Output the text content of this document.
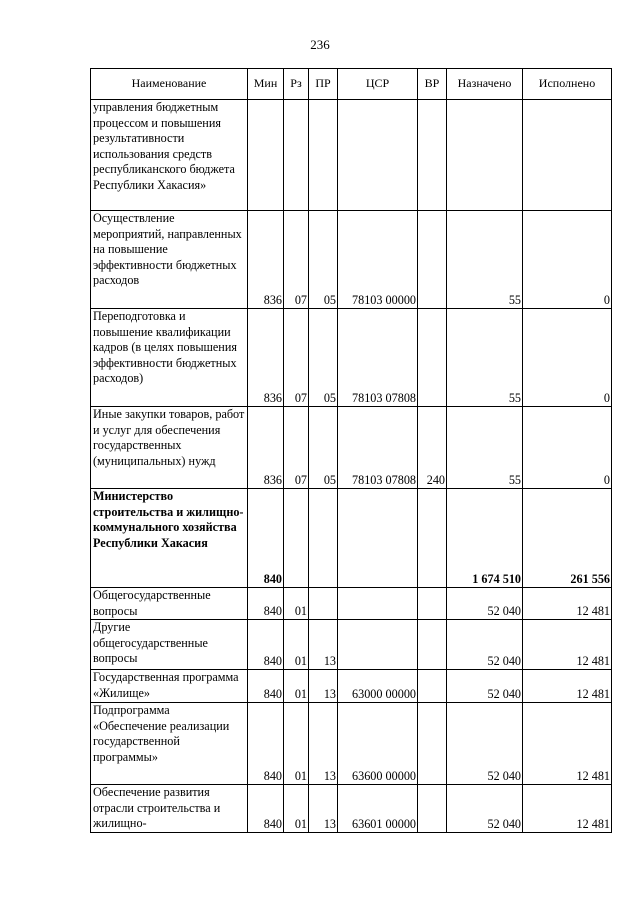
236
Наименование	Мин	Рз	ПР	ЦСР	ВР	Назначено	Исполнено
управления бюджетным процессом и повышения результативности использования средств республиканского бюджета Республики Хакасия»							
Осуществление мероприятий, направленных на повышение эффективности бюджетных расходов	836	07	05	78103 00000		55	0
Переподготовка и повышение квалификации кадров (в целях повышения эффективности бюджетных расходов)	836	07	05	78103 07808		55	0
Иные закупки товаров, работ и услуг для обеспечения государственных (муниципальных) нужд	836	07	05	78103 07808	240	55	0
Министерство строительства и жилищно-коммунального хозяйства Республики Хакасия	840					1 674 510	261 556
Общегосударственные вопросы	840	01				52 040	12 481
Другие общегосударственные вопросы	840	01	13			52 040	12 481
Государственная программа «Жилище»	840	01	13	63000 00000		52 040	12 481
Подпрограмма «Обеспечение реализации государственной программы»	840	01	13	63600 00000		52 040	12 481
Обеспечение развития отрасли строительства и жилищно-	840	01	13	63601 00000		52 040	12 481
